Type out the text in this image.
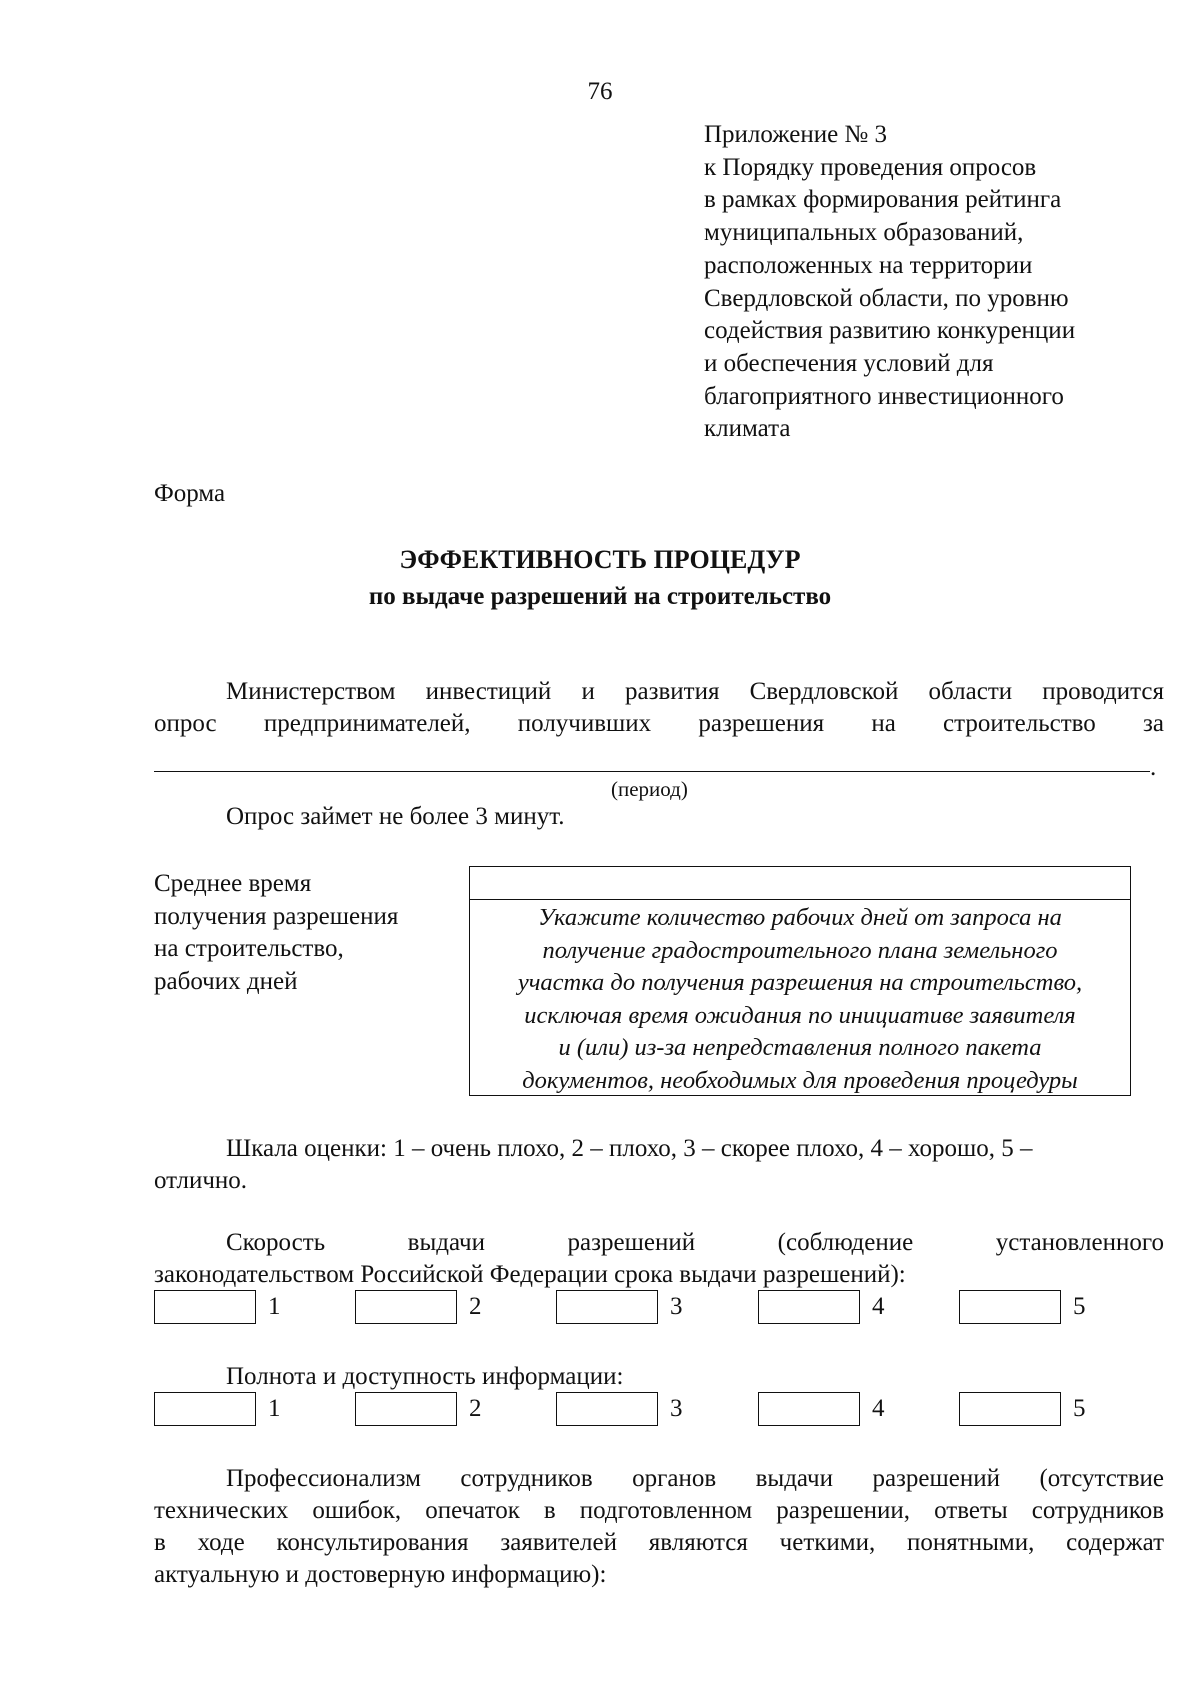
76
Приложение № 3
к Порядку проведения опросов
в рамках формирования рейтинга
муниципальных образований,
расположенных на территории
Свердловской области, по уровню
содействия развитию конкуренции
и обеспечения условий для
благоприятного инвестиционного
климата
Форма
ЭФФЕКТИВНОСТЬ ПРОЦЕДУР
по выдаче разрешений на строительство
Министерством инвестиций и развития Свердловской области проводится
опрос предпринимателей, получивших разрешения на строительство за
.
(период)
Опрос займет не более 3 минут.
Среднее время
получения разрешения
на строительство,
рабочих дней
Укажите количество рабочих дней от запроса на
получение градостроительного плана земельного
участка до получения разрешения на строительство,
исключая время ожидания по инициативе заявителя
и (или) из-за непредставления полного пакета
документов, необходимых для проведения процедуры
Шкала оценки: 1 – очень плохо, 2 – плохо, 3 – скорее плохо, 4 – хорошо, 5 –
отлично.
Скорость выдачи разрешений (соблюдение установленного
законодательством Российской Федерации срока выдачи разрешений):
1	2	3	4	5
Полнота и доступность информации:
1	2	3	4	5
Профессионализм сотрудников органов выдачи разрешений (отсутствие
технических ошибок, опечаток в подготовленном разрешении, ответы сотрудников
в ходе консультирования заявителей являются четкими, понятными, содержат
актуальную и достоверную информацию):
